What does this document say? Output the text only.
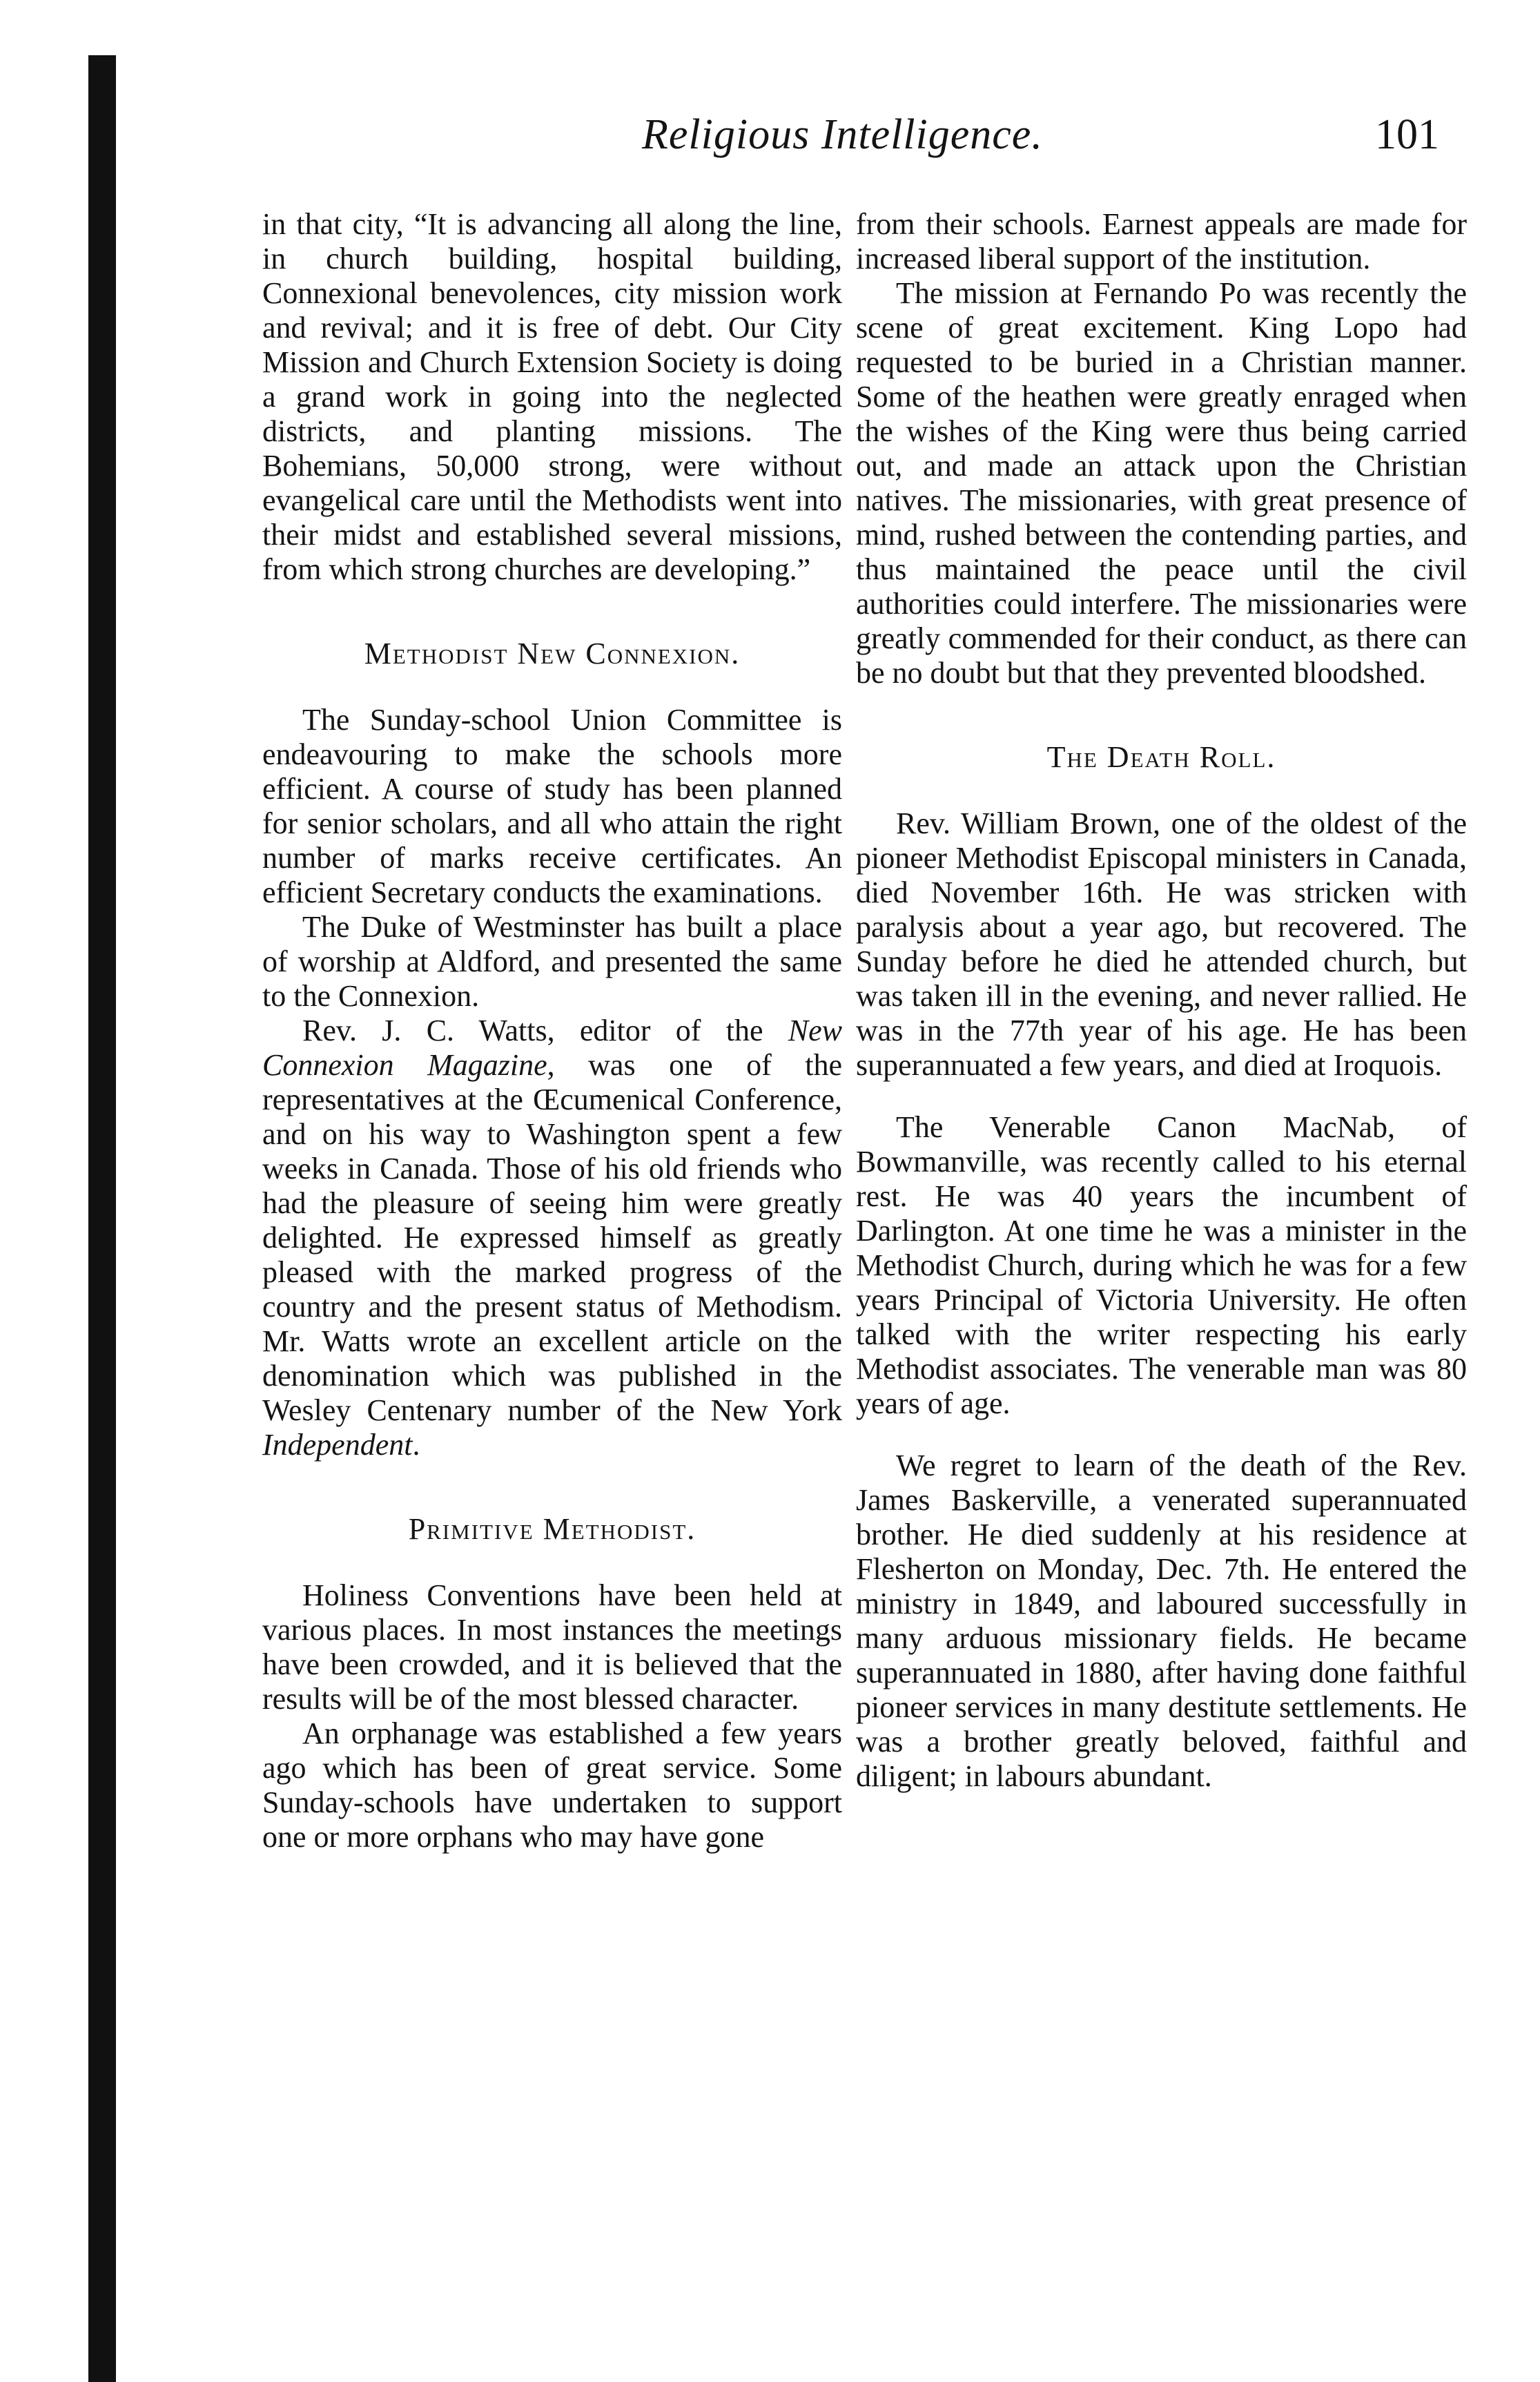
Religious Intelligence.	101

in that city, “It is advancing all along the line, in church building, hospital building, Connexional benevolences, city mission work and revival; and it is free of debt. Our City Mission and Church Extension Society is doing a grand work in going into the neglected districts, and planting missions. The Bohemians, 50,000 strong, were without evangelical care until the Methodists went into their midst and established several missions, from which strong churches are developing.”

Methodist New Connexion.

The Sunday-school Union Committee is endeavouring to make the schools more efficient. A course of study has been planned for senior scholars, and all who attain the right number of marks receive certificates. An efficient Secretary conducts the examinations.

The Duke of Westminster has built a place of worship at Aldford, and presented the same to the Connexion.

Rev. J. C. Watts, editor of the New Connexion Magazine, was one of the representatives at the Œcumenical Conference, and on his way to Washington spent a few weeks in Canada. Those of his old friends who had the pleasure of seeing him were greatly delighted. He expressed himself as greatly pleased with the marked progress of the country and the present status of Methodism. Mr. Watts wrote an excellent article on the denomination which was published in the Wesley Centenary number of the New York Independent.

Primitive Methodist.

Holiness Conventions have been held at various places. In most instances the meetings have been crowded, and it is believed that the results will be of the most blessed character.

An orphanage was established a few years ago which has been of great service. Some Sunday-schools have undertaken to support one or more orphans who may have gone

from their schools. Earnest appeals are made for increased liberal support of the institution.

The mission at Fernando Po was recently the scene of great excitement. King Lopo had requested to be buried in a Christian manner. Some of the heathen were greatly enraged when the wishes of the King were thus being carried out, and made an attack upon the Christian natives. The missionaries, with great presence of mind, rushed between the contending parties, and thus maintained the peace until the civil authorities could interfere. The missionaries were greatly commended for their conduct, as there can be no doubt but that they prevented bloodshed.

The Death Roll.

Rev. William Brown, one of the oldest of the pioneer Methodist Episcopal ministers in Canada, died November 16th. He was stricken with paralysis about a year ago, but recovered. The Sunday before he died he attended church, but was taken ill in the evening, and never rallied. He was in the 77th year of his age. He has been superannuated a few years, and died at Iroquois.

The Venerable Canon MacNab, of Bowmanville, was recently called to his eternal rest. He was 40 years the incumbent of Darlington. At one time he was a minister in the Methodist Church, during which he was for a few years Principal of Victoria University. He often talked with the writer respecting his early Methodist associates. The venerable man was 80 years of age.

We regret to learn of the death of the Rev. James Baskerville, a venerated superannuated brother. He died suddenly at his residence at Flesherton on Monday, Dec. 7th. He entered the ministry in 1849, and laboured successfully in many arduous missionary fields. He became superannuated in 1880, after having done faithful pioneer services in many destitute settlements. He was a brother greatly beloved, faithful and diligent; in labours abundant.
